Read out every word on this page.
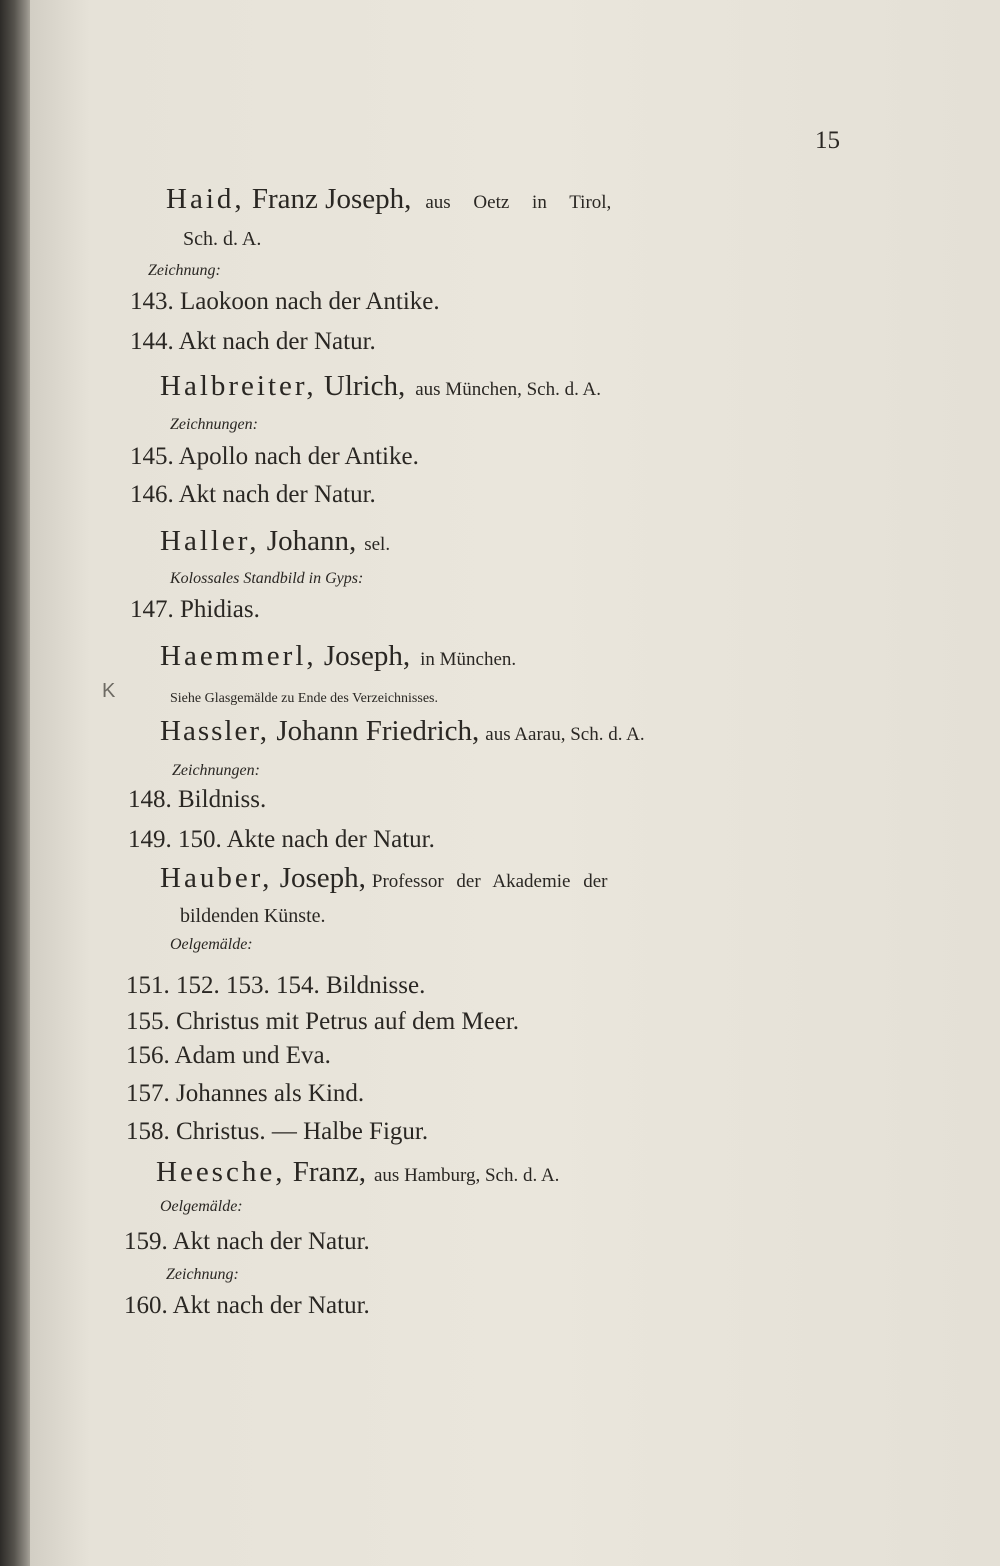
15
Haid, Franz Joseph, aus Oetz in Tirol,
Sch. d. A.
Zeichnung:
143. Laokoon nach der Antike.
144. Akt nach der Natur.
Halbreiter, Ulrich, aus München, Sch. d. A.
Zeichnungen:
145. Apollo nach der Antike.
146. Akt nach der Natur.
Haller, Johann, sel.
Kolossales Standbild in Gyps:
147. Phidias.
Haemmerl, Joseph, in München.
Siehe Glasgemälde zu Ende des Verzeichnisses.
Hassler, Johann Friedrich, aus Aarau, Sch. d. A.
Zeichnungen:
148. Bildniss.
149. 150. Akte nach der Natur.
Hauber, Joseph, Professor der Akademie der
bildenden Künste.
Oelgemälde:
151. 152. 153. 154. Bildnisse.
155. Christus mit Petrus auf dem Meer.
156. Adam und Eva.
157. Johannes als Kind.
158. Christus. — Halbe Figur.
Heesche, Franz, aus Hamburg, Sch. d. A.
Oelgemälde:
159. Akt nach der Natur.
Zeichnung:
160. Akt nach der Natur.
K
